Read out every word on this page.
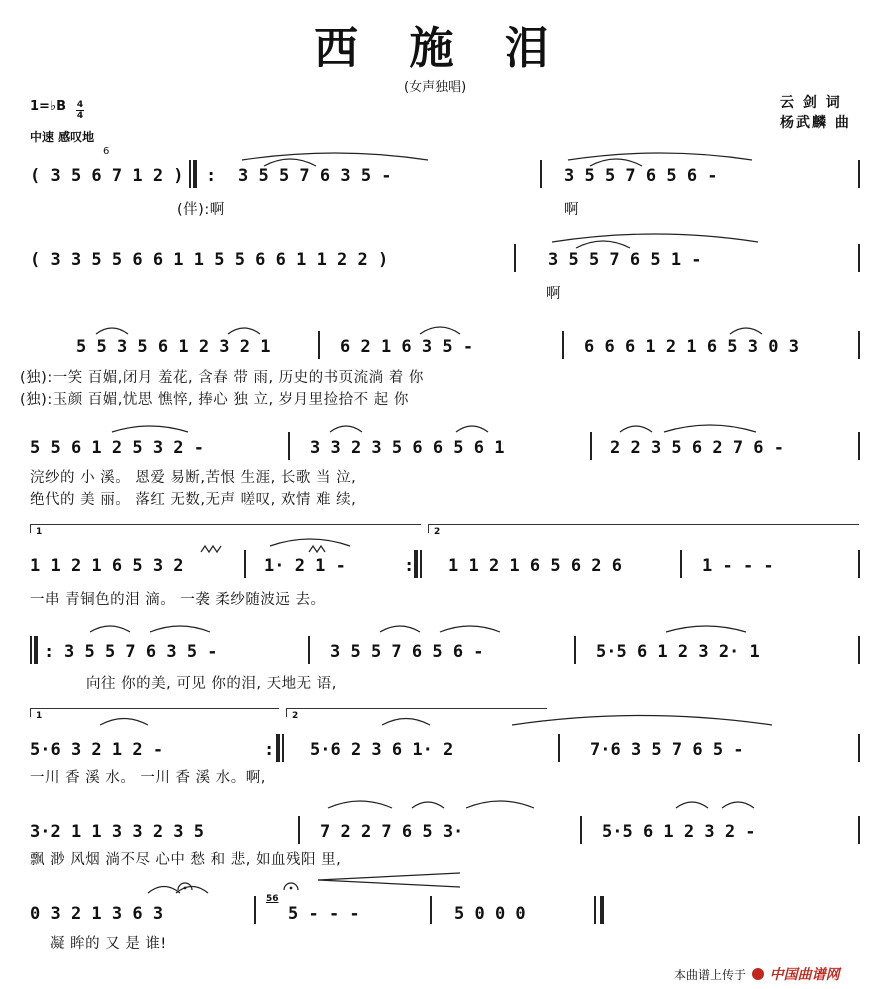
西 施 泪
(女声独唱)
云 剑 词
杨武麟 曲
1=♭B 4
4
中速 感叹地
6
( 3 5 6 7 1 2 ) : 3 5 5 7 6 3 5 -	3 5 5 7 6 5 6 -
(伴):啊	啊
( 3 3 5 5 6 6 1 1 5 5 6 6 1 1 2 2 )	3 5 5 7 6 5 1 -
啊
5 5 3 5 6 1 2 3 2 1	6 2 1 6 3 5 -	6 6 6 1 2 1 6 5 3 0 3
(独):一笑 百媚,闭月 羞花, 含春 带 雨, 历史的书页流淌 着 你
(独):玉颜 百媚,忧思 憔悴, 捧心 独 立, 岁月里捡拾不 起 你
5 5 6 1 2 5 3 2 -	3 3 2 3 5 6 6 5 6 1	2 2 3 5 6 2 7 6 -
浣纱的 小 溪。 恩爱 易断,苦恨 生涯, 长歌 当 泣,
绝代的 美 丽。 落红 无数,无声 嗟叹, 欢情 难 续,
1	2
1 1 2 1 6 5 3 2	1· 2 1 -	: 1 1 2 1 6 5 6 2 6	1 - - -
一串 青铜色的泪 滴。 一袭 柔纱随波远 去。
: 3 5 5 7 6 3 5 -	3 5 5 7 6 5 6 -	5·5 6 1 2 3 2· 1
向往 你的美, 可见 你的泪, 天地无 语,
1	2
5·6 3 2 1 2 -	: 5·6 2 3 6 1· 2	7·6 3 5 7 6 5 -
一川 香 溪 水。 一川 香 溪 水。啊,
3·2 1 1 3 3 2 3 5	7 2 2 7 6 5 3·	5·5 6 1 2 3 2 -
飘 渺 风烟 淌不尽 心中 愁 和 悲, 如血残阳 里,
0 3 2 1 3 6 3
56
5 - - -	5 0 0 0
凝 眸的 又 是 谁!
本曲谱上传于 中国曲谱网
